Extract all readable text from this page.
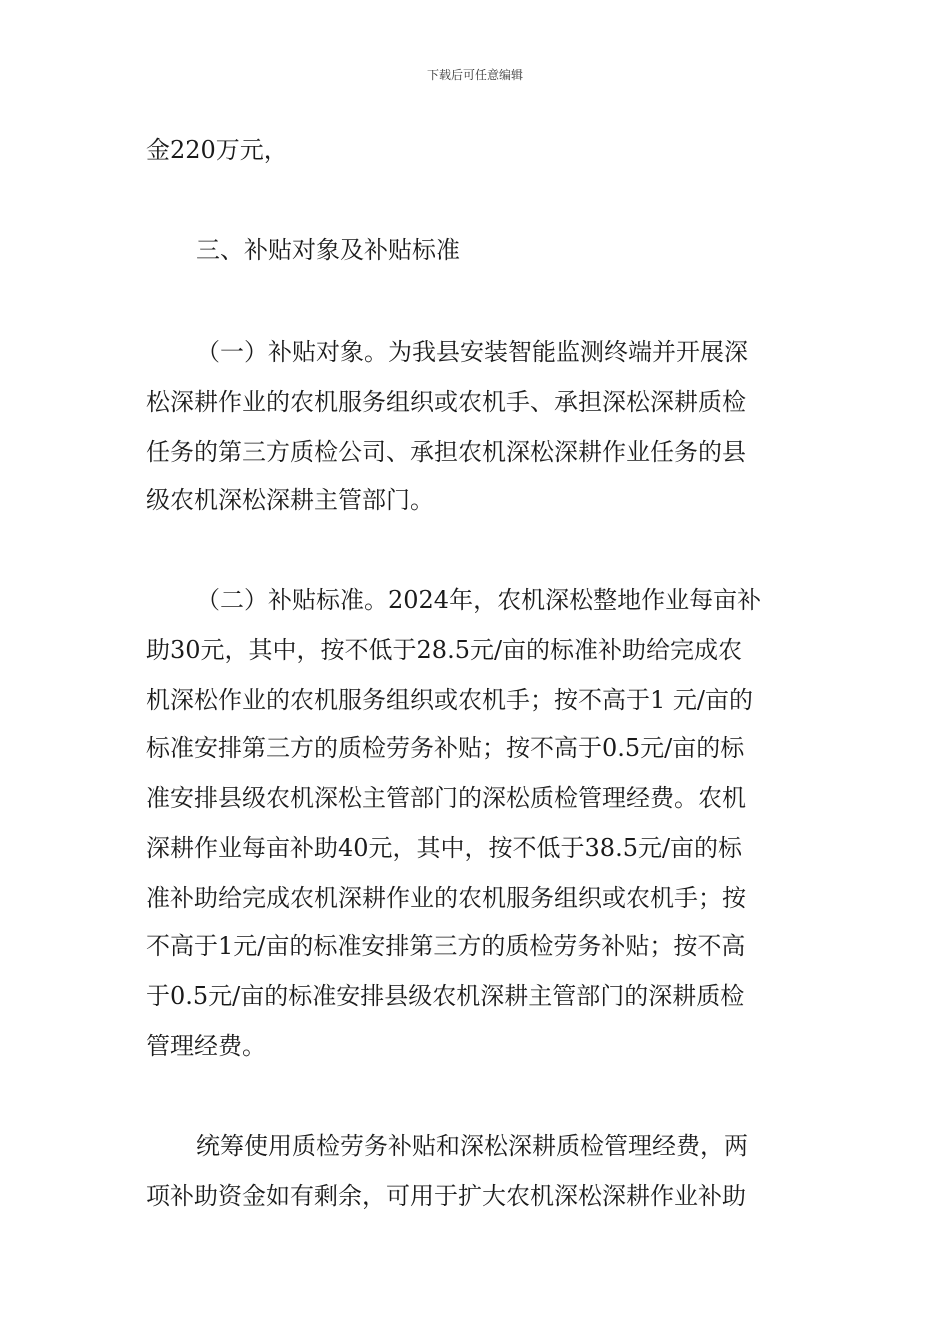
下载后可任意编辑
金220万元，
三、补贴对象及补贴标准
（一）补贴对象。为我县安装智能监测终端并开展深
松深耕作业的农机服务组织或农机手、承担深松深耕质检
任务的第三方质检公司、承担农机深松深耕作业任务的县
级农机深松深耕主管部门。
（二）补贴标准。2024年，农机深松整地作业每亩补
助30元，其中，按不低于28.5元/亩的标准补助给完成农
机深松作业的农机服务组织或农机手；按不高于1 元/亩的
标准安排第三方的质检劳务补贴；按不高于0.5元/亩的标
准安排县级农机深松主管部门的深松质检管理经费。农机
深耕作业每亩补助40元，其中，按不低于38.5元/亩的标
准补助给完成农机深耕作业的农机服务组织或农机手；按
不高于1元/亩的标准安排第三方的质检劳务补贴；按不高
于0.5元/亩的标准安排县级农机深耕主管部门的深耕质检
管理经费。
统筹使用质检劳务补贴和深松深耕质检管理经费，两
项补助资金如有剩余，可用于扩大农机深松深耕作业补助
